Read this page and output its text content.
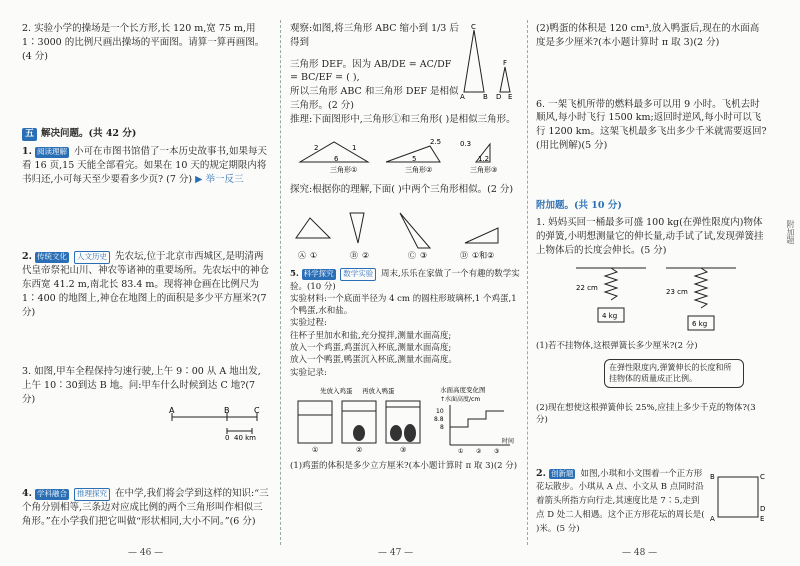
2. 实验小学的操场是一个长方形,长 120 m,宽 75 m,用 1∶3000 的比例尺画出操场的平面图。请算一算再画图。(4 分)
五 解决问题。(共 42 分)
1. 阅读理解 小可在市图书馆借了一本历史故事书,如果每天看 16 页,15 天能全部看完。如果在 10 天的规定期限内将书归还,小可每天至少要看多少页? (7 分) ▶ 举一反三
2. 传统文化 人文历史 先农坛,位于北京市西城区,是明清两代皇帝祭祀山川、神农等诸神的重要场所。先农坛中的神仓东西宽 41.2 m,南北长 83.4 m。现将神仓画在比例尺为 1∶400 的地图上,神仓在地图上的面积是多少平方厘米?(7 分)
3. 如图,甲车全程保持匀速行驶,上午 9∶00 从 A 地出发,上午 10∶30到达 B 地。问:甲车什么时候到达 C 地?(7 分)
A	B	C
0 40 km
4. 学科融合 推理探究 在中学,我们将会学到这样的知识:“三个角分别相等,三条边对应成比例的两个三角形叫作相似三角形。”在小学我们把它叫做“形状相同,大小不同。”(6 分)
— 46 —
C
A	B
F
D E
观察:如图,将三角形 ABC 缩小到 1/3 后得到
三角形 DEF。因为 AB/DE = AC/DF = BC/EF = ( ),
所以三角形 ABC 和三角形 DEF 是相似三角形。(2 分)
推理:下面图形中,三角形①和三角形( )是相似三角形。
三角形①
2	1
6
三角形②
2.5
5
三角形③
0.3
1.2
探究:根据你的理解,下面( )中两个三角形相似。(2 分)
Ⓐ ①	Ⓑ ②	Ⓒ ③	Ⓓ ①和②
5. 科学探究 数学实验 周末,乐乐在家做了一个有趣的数学实验。(10 分)
实验材料:一个底面半径为 4 cm 的圆柱形玻璃杯,1 个鸡蛋,1 个鸭蛋,水和盐。
实验过程:
往杯子里加水和盐,充分搅拌,测量水面高度;
放入一个鸡蛋,鸡蛋沉入杯底,测量水面高度;
放入一个鸭蛋,鸭蛋沉入杯底,测量水面高度。
实验记录:
先放入鸡蛋 再放入鸭蛋
①	②	③
水面高度变化图
↑水面高度/cm
10
8.8
8
① ② ③
时间
(1)鸡蛋的体积是多少立方厘米?(本小题计算时 π 取 3)(2 分)
— 47 —
(2)鸭蛋的体积是 120 cm³,放入鸭蛋后,现在的水面高度是多少厘米?(本小题计算时 π 取 3)(2 分)
6. 一架飞机所带的燃料最多可以用 9 小时。飞机去时顺风,每小时飞行 1500 km;返回时逆风,每小时可以飞行 1200 km。这架飞机最多飞出多少千米就需要返回?(用比例解)(5 分)
附加题。(共 10 分)
1. 妈妈买回一桶最多可盛 100 kg(在弹性限度内)物体的弹簧,小明想测量它的伸长量,动手试了试,发现弹簧挂上物体后的长度会伸长。(5 分)
4 kg
22 cm
6 kg
23 cm
(1)若不挂物体,这根弹簧长多少厘米?(2 分)
在弹性限度内,弹簧伸长的长度和所挂物体的质量成正比例。
(2)现在想使这根弹簧伸长 25%,应挂上多少千克的物体?(3 分)
2. 创新题 如图,小琪和小文围着一个正方形花坛散步。小琪从 A 点、小文从 B 点同时沿着箭头所指方向行走,其速度比是 7∶5,走到点 D 处二人相遇。这个正方形花坛的周长是( )米。(5 分)
B	C
A
D
E
— 48 —
附加题
